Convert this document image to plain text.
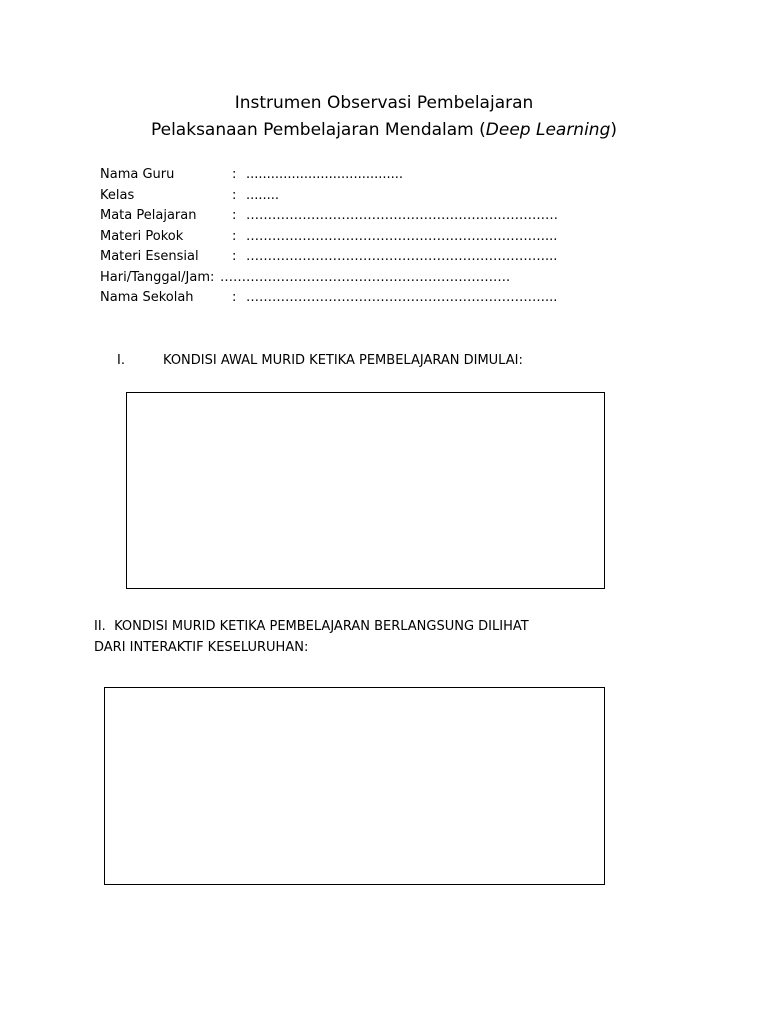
Instrumen Observasi Pembelajaran
Pelaksanaan Pembelajaran Mendalam (Deep Learning)
Nama Guru	: ......................................
Kelas	: ........
Mata Pelajaran	: ………………………………………………………………
Materi Pokok	: ……………………………………………………………...
Materi Esensial	: ……………………………………………………………...
Hari/Tanggal/Jam: ………………………………………………………….
Nama Sekolah	: ……………………………………………………………...
I.	KONDISI AWAL MURID KETIKA PEMBELAJARAN DIMULAI:
II. KONDISI MURID KETIKA PEMBELAJARAN BERLANGSUNG DILIHAT
DARI INTERAKTIF KESELURUHAN:
